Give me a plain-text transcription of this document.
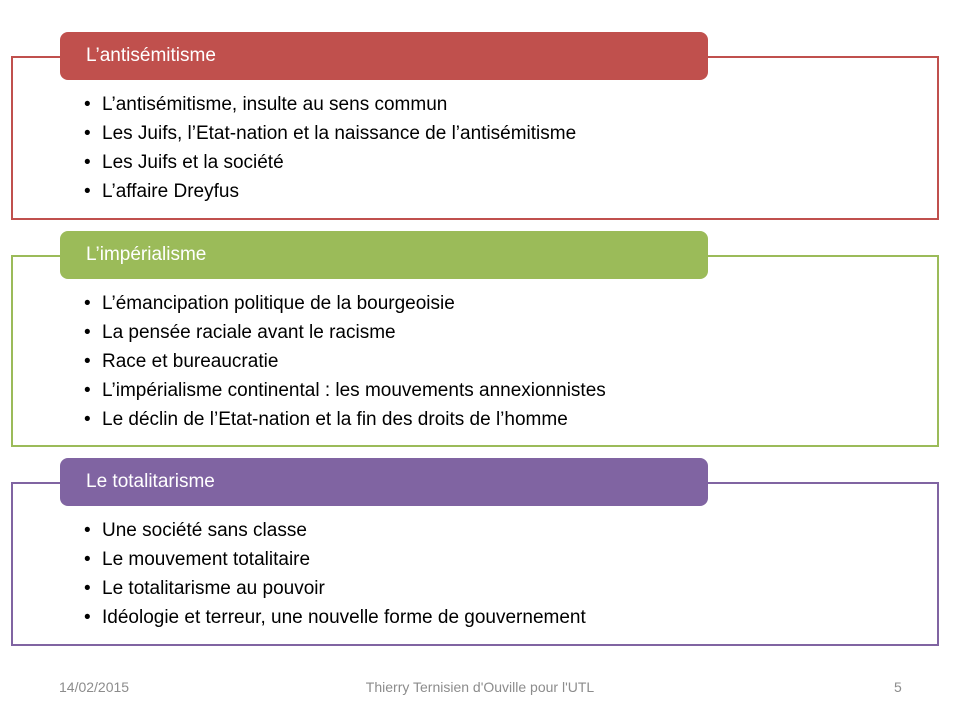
L’antisémitisme
• L’antisémitisme, insulte au sens commun
• Les Juifs, l’Etat-nation et la naissance de l’antisémitisme
• Les Juifs et la société
• L’affaire Dreyfus
L’impérialisme
• L’émancipation politique de la bourgeoisie
• La pensée raciale avant le racisme
• Race et bureaucratie
• L’impérialisme continental : les mouvements annexionnistes
• Le déclin de l’Etat-nation et la fin des droits de l’homme
Le totalitarisme
• Une société sans classe
• Le mouvement totalitaire
• Le totalitarisme au pouvoir
• Idéologie et terreur, une nouvelle forme de gouvernement
14/02/2015	Thierry Ternisien d'Ouville pour l'UTL	5
